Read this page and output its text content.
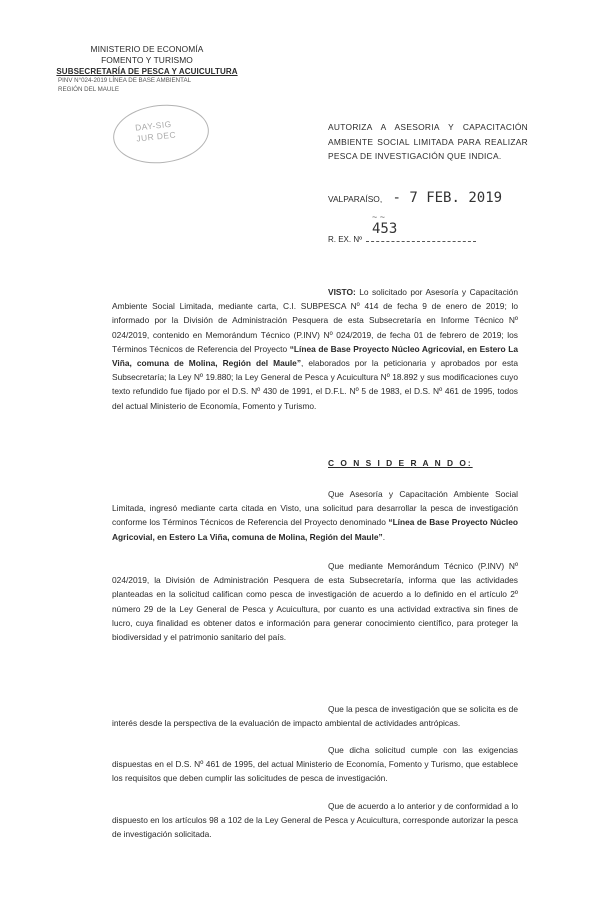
MINISTERIO DE ECONOMÍA
FOMENTO Y TURISMO
SUBSECRETARÍA DE PESCA Y ACUICULTURA
PINV N°024-2019 LÍNEA DE BASE AMBIENTAL
REGIÓN DEL MAULE
DAY-SIG
JUR DEC
AUTORIZA A ASESORIA Y CAPACITACIÓN AMBIENTE SOCIAL LIMITADA PARA REALIZAR PESCA DE INVESTIGACIÓN QUE INDICA.
VALPARAÍSO, - 7 FEB. 2019
~ ~
R. EX. Nº
453
VISTO: Lo solicitado por Asesoría y Capacitación Ambiente Social Limitada, mediante carta, C.I. SUBPESCA Nº 414 de fecha 9 de enero de 2019; lo informado por la División de Administración Pesquera de esta Subsecretaría en Informe Técnico Nº 024/2019, contenido en Memorándum Técnico (P.INV) Nº 024/2019, de fecha 01 de febrero de 2019; los Términos Técnicos de Referencia del Proyecto “Línea de Base Proyecto Núcleo Agricovial, en Estero La Viña, comuna de Molina, Región del Maule”, elaborados por la peticionaria y aprobados por esta Subsecretaría; la Ley Nº 19.880; la Ley General de Pesca y Acuicultura Nº 18.892 y sus modificaciones cuyo texto refundido fue fijado por el D.S. Nº 430 de 1991, el D.F.L. Nº 5 de 1983, el D.S. Nº 461 de 1995, todos del actual Ministerio de Economía, Fomento y Turismo.
C O N S I D E R A N D O:
Que Asesoría y Capacitación Ambiente Social Limitada, ingresó mediante carta citada en Visto, una solicitud para desarrollar la pesca de investigación conforme los Términos Técnicos de Referencia del Proyecto denominado “Línea de Base Proyecto Núcleo Agricovial, en Estero La Viña, comuna de Molina, Región del Maule”.
Que mediante Memorándum Técnico (P.INV) Nº 024/2019, la División de Administración Pesquera de esta Subsecretaría, informa que las actividades planteadas en la solicitud califican como pesca de investigación de acuerdo a lo definido en el artículo 2º número 29 de la Ley General de Pesca y Acuicultura, por cuanto es una actividad extractiva sin fines de lucro, cuya finalidad es obtener datos e información para generar conocimiento científico, para proteger la biodiversidad y el patrimonio sanitario del país.
Que la pesca de investigación que se solicita es de interés desde la perspectiva de la evaluación de impacto ambiental de actividades antrópicas.
Que dicha solicitud cumple con las exigencias dispuestas en el D.S. Nº 461 de 1995, del actual Ministerio de Economía, Fomento y Turismo, que establece los requisitos que deben cumplir las solicitudes de pesca de investigación.
Que de acuerdo a lo anterior y de conformidad a lo dispuesto en los artículos 98 a 102 de la Ley General de Pesca y Acuicultura, corresponde autorizar la pesca de investigación solicitada.
